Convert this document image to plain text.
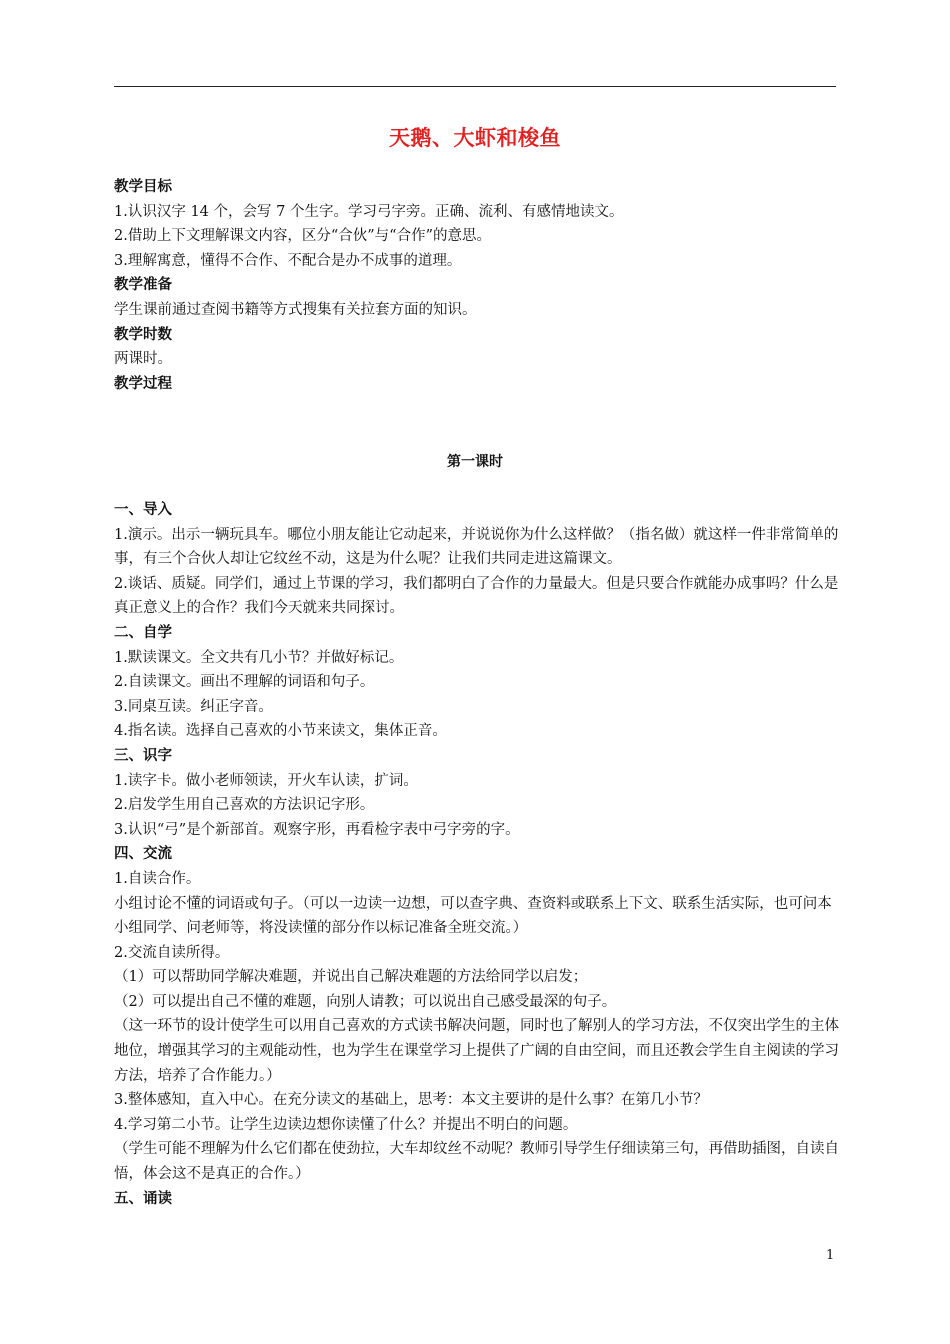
天鹅、大虾和梭鱼
教学目标
1.认识汉字 14 个，会写 7 个生字。学习弓字旁。正确、流利、有感情地读文。
2.借助上下文理解课文内容，区分“合伙”与“合作”的意思。
3.理解寓意，懂得不合作、不配合是办不成事的道理。
教学准备
学生课前通过查阅书籍等方式搜集有关拉套方面的知识。
教学时数
两课时。
教学过程
第一课时
一、导入
1.演示。出示一辆玩具车。哪位小朋友能让它动起来，并说说你为什么这样做？（指名做）就这样一件非常简单的事，有三个合伙人却让它纹丝不动，这是为什么呢？让我们共同走进这篇课文。
2.谈话、质疑。同学们，通过上节课的学习，我们都明白了合作的力量最大。但是只要合作就能办成事吗？什么是真正意义上的合作？我们今天就来共同探讨。
二、自学
1.默读课文。全文共有几小节？并做好标记。
2.自读课文。画出不理解的词语和句子。
3.同桌互读。纠正字音。
4.指名读。选择自己喜欢的小节来读文，集体正音。
三、识字
1.读字卡。做小老师领读，开火车认读，扩词。
2.启发学生用自己喜欢的方法识记字形。
3.认识“弓”是个新部首。观察字形，再看检字表中弓字旁的字。
四、交流
1.自读合作。
小组讨论不懂的词语或句子。（可以一边读一边想，可以查字典、查资料或联系上下文、联系生活实际，也可问本小组同学、问老师等，将没读懂的部分作以标记准备全班交流。）
2.交流自读所得。
（1）可以帮助同学解决难题，并说出自己解决难题的方法给同学以启发；
（2）可以提出自己不懂的难题，向别人请教；可以说出自己感受最深的句子。
（这一环节的设计使学生可以用自己喜欢的方式读书解决问题，同时也了解别人的学习方法，不仅突出学生的主体地位，增强其学习的主观能动性，也为学生在课堂学习上提供了广阔的自由空间，而且还教会学生自主阅读的学习方法，培养了合作能力。）
3.整体感知，直入中心。在充分读文的基础上，思考：本文主要讲的是什么事？在第几小节？
4.学习第二小节。让学生边读边想你读懂了什么？并提出不明白的问题。
（学生可能不理解为什么它们都在使劲拉，大车却纹丝不动呢？教师引导学生仔细读第三句，再借助插图，自读自悟，体会这不是真正的合作。）
五、诵读
1
